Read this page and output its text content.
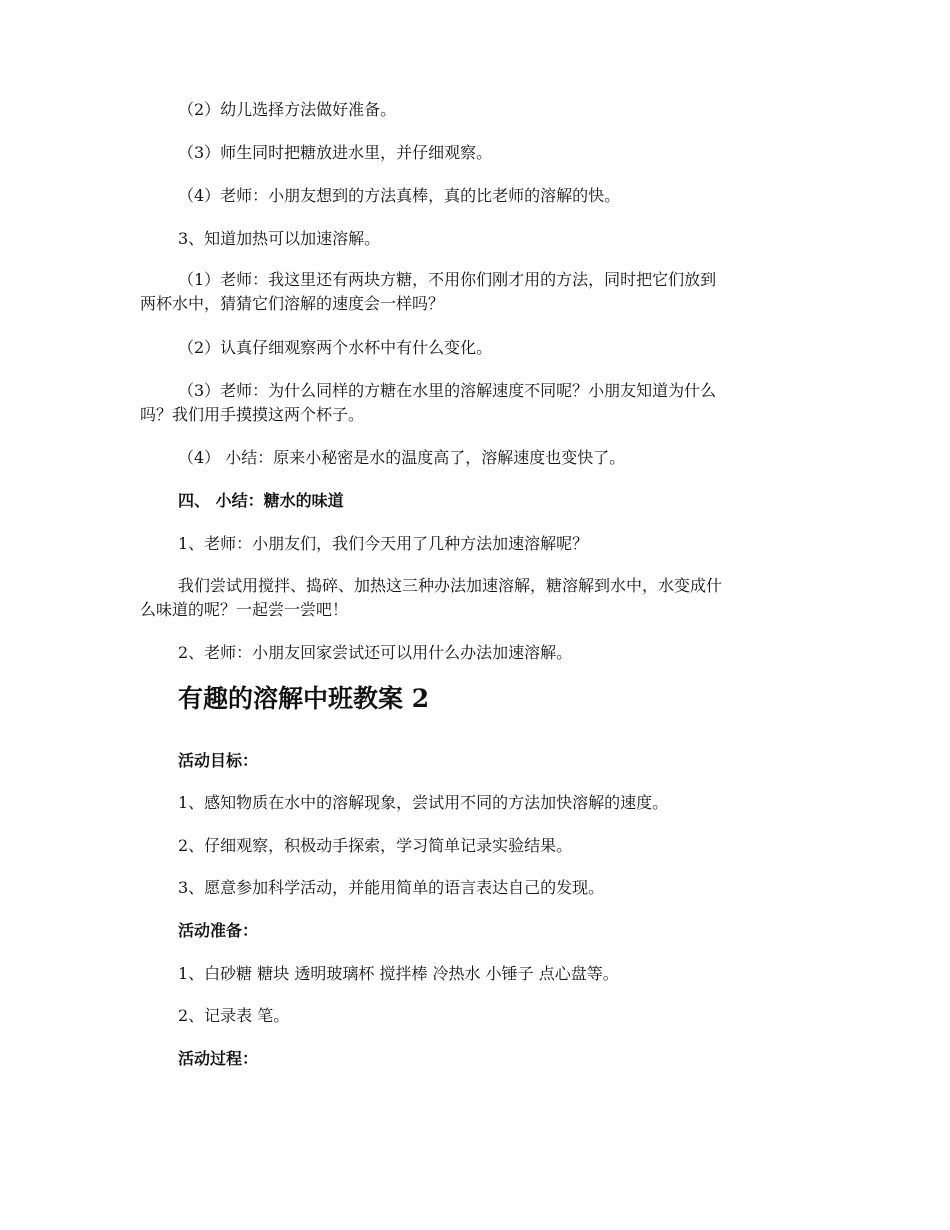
（2）幼儿选择方法做好准备。
（3）师生同时把糖放进水里，并仔细观察。
（4）老师：小朋友想到的方法真棒，真的比老师的溶解的快。
3、知道加热可以加速溶解。
（1）老师：我这里还有两块方糖，不用你们刚才用的方法，同时把它们放到
两杯水中，猜猜它们溶解的速度会一样吗？
（2）认真仔细观察两个水杯中有什么变化。
（3）老师：为什么同样的方糖在水里的溶解速度不同呢？小朋友知道为什么
吗？我们用手摸摸这两个杯子。
（4） 小结：原来小秘密是水的温度高了，溶解速度也变快了。
四、 小结：糖水的味道
1、老师：小朋友们，我们今天用了几种方法加速溶解呢？
我们尝试用搅拌、捣碎、加热这三种办法加速溶解，糖溶解到水中，水变成什
么味道的呢？一起尝一尝吧！
2、老师：小朋友回家尝试还可以用什么办法加速溶解。
有趣的溶解中班教案 2
活动目标：
1、感知物质在水中的溶解现象，尝试用不同的方法加快溶解的速度。
2、仔细观察，积极动手探索，学习简单记录实验结果。
3、愿意参加科学活动，并能用简单的语言表达自己的发现。
活动准备：
1、白砂糖 糖块 透明玻璃杯 搅拌棒 冷热水 小锤子 点心盘等。
2、记录表 笔。
活动过程：
